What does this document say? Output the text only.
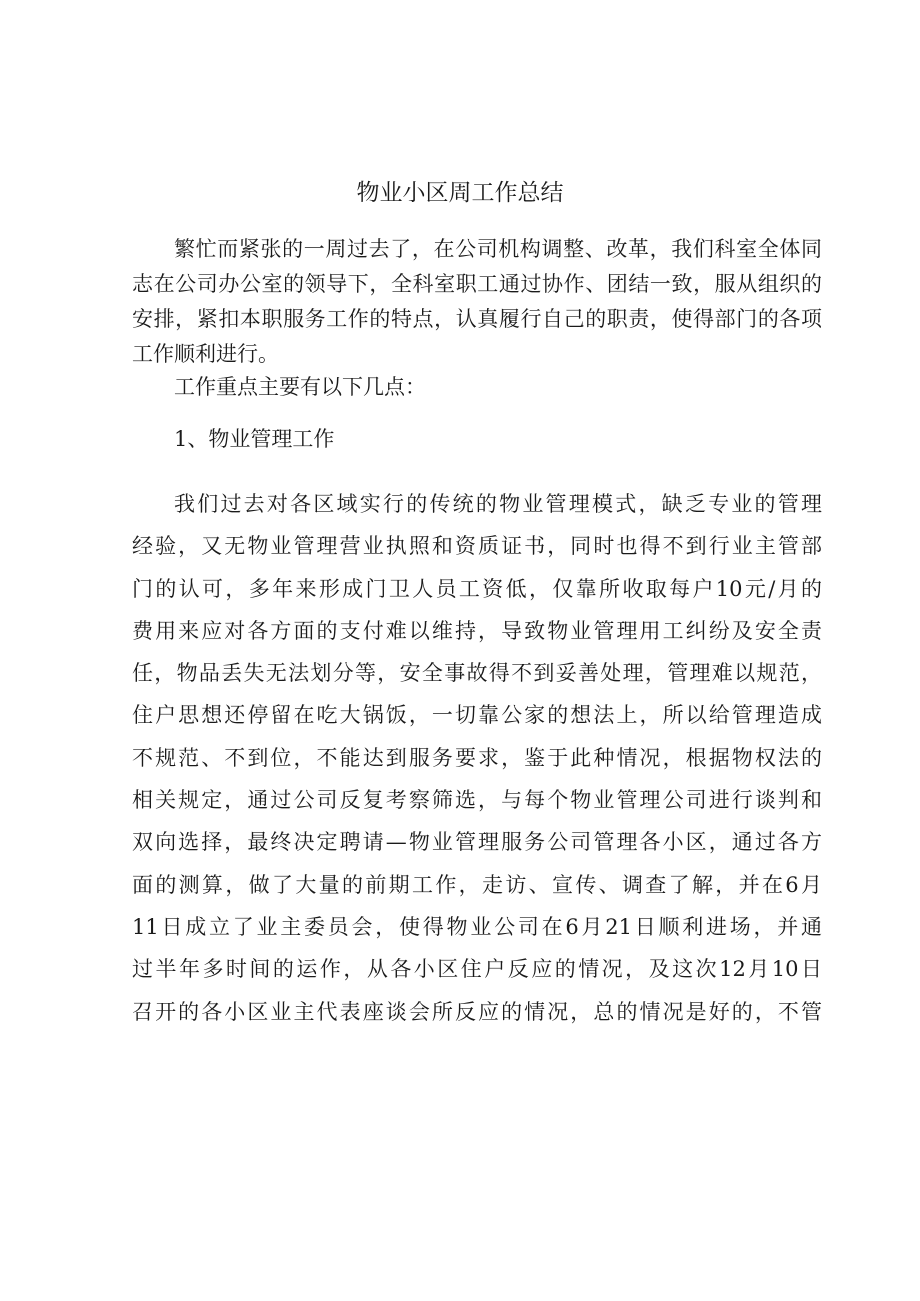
物业小区周工作总结

繁忙而紧张的一周过去了，在公司机构调整、改革，我们科室全体同志在公司办公室的领导下，全科室职工通过协作、团结一致，服从组织的安排，紧扣本职服务工作的特点，认真履行自己的职责，使得部门的各项工作顺利进行。

工作重点主要有以下几点：

1、物业管理工作

我们过去对各区域实行的传统的物业管理模式，缺乏专业的管理
经验，又无物业管理营业执照和资质证书，同时也得不到行业主管部
门的认可，多年来形成门卫人员工资低，仅靠所收取每户10元/月的
费用来应对各方面的支付难以维持，导致物业管理用工纠纷及安全责
任，物品丢失无法划分等，安全事故得不到妥善处理，管理难以规范，
住户思想还停留在吃大锅饭，一切靠公家的想法上，所以给管理造成
不规范、不到位，不能达到服务要求，鉴于此种情况，根据物权法的
相关规定，通过公司反复考察筛选，与每个物业管理公司进行谈判和
双向选择，最终决定聘请—物业管理服务公司管理各小区，通过各方
面的测算，做了大量的前期工作，走访、宣传、调查了解，并在6月
11日成立了业主委员会，使得物业公司在6月21日顺利进场，并通
过半年多时间的运作，从各小区住户反应的情况，及这次12月10日
召开的各小区业主代表座谈会所反应的情况，总的情况是好的，不管
